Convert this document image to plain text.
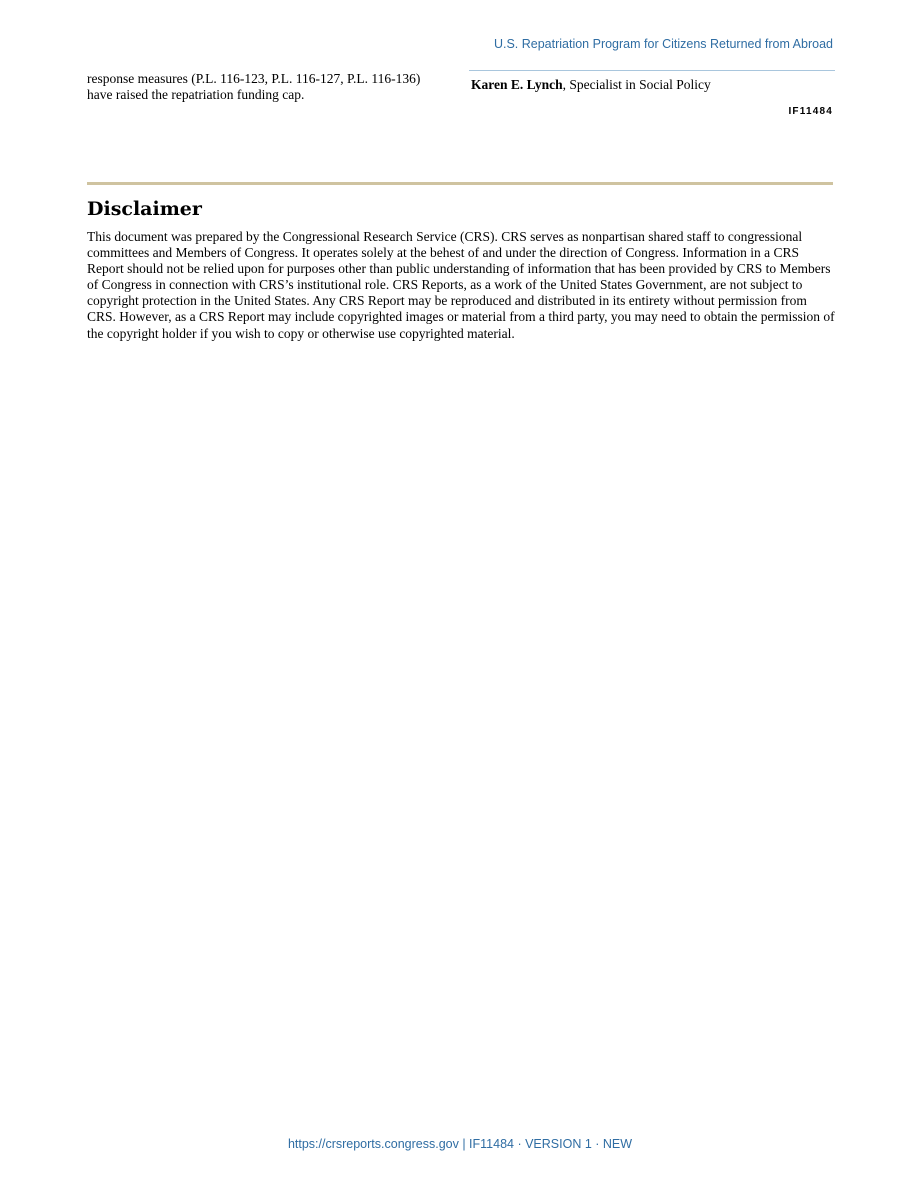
U.S. Repatriation Program for Citizens Returned from Abroad
response measures (P.L. 116-123, P.L. 116-127, P.L. 116-136) have raised the repatriation funding cap.
Karen E. Lynch, Specialist in Social Policy
IF11484
Disclaimer

This document was prepared by the Congressional Research Service (CRS). CRS serves as nonpartisan shared staff to congressional committees and Members of Congress. It operates solely at the behest of and under the direction of Congress. Information in a CRS Report should not be relied upon for purposes other than public understanding of information that has been provided by CRS to Members of Congress in connection with CRS’s institutional role. CRS Reports, as a work of the United States Government, are not subject to copyright protection in the United States. Any CRS Report may be reproduced and distributed in its entirety without permission from CRS. However, as a CRS Report may include copyrighted images or material from a third party, you may need to obtain the permission of the copyright holder if you wish to copy or otherwise use copyrighted material.

https://crsreports.congress.gov | IF11484 · VERSION 1 · NEW
